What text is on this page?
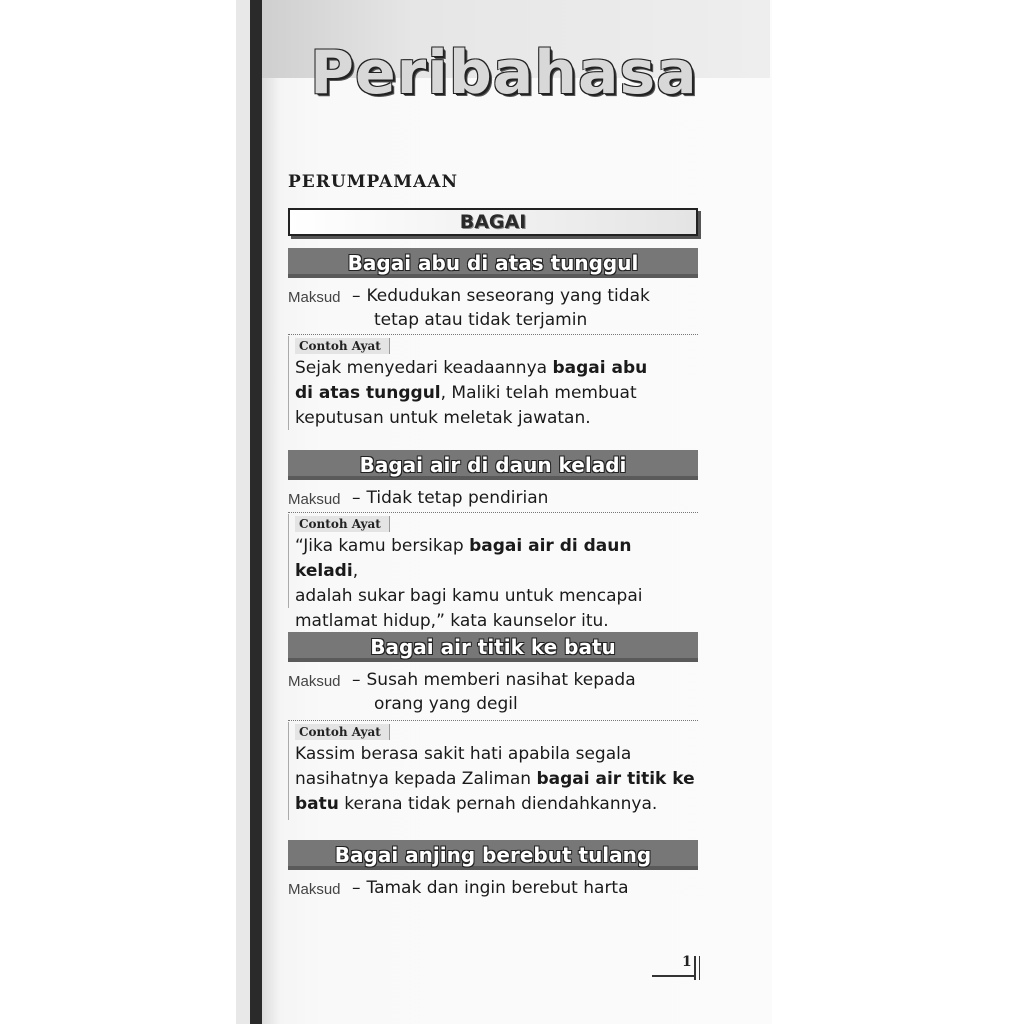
Peribahasa
PERUMPAMAAN
BAGAI
Bagai abu di atas tunggul
Maksud – Kedudukan seseorang yang tidak
tetap atau tidak terjamin
Contoh Ayat
Sejak menyedari keadaannya bagai abu
di atas tunggul, Maliki telah membuat
keputusan untuk meletak jawatan.
Bagai air di daun keladi
Maksud – Tidak tetap pendirian
Contoh Ayat
“Jika kamu bersikap bagai air di daun keladi,
adalah sukar bagi kamu untuk mencapai
matlamat hidup,” kata kaunselor itu.
Bagai air titik ke batu
Maksud – Susah memberi nasihat kepada
orang yang degil
Contoh Ayat
Kassim berasa sakit hati apabila segala
nasihatnya kepada Zaliman bagai air titik ke
batu kerana tidak pernah diendahkannya.
Bagai anjing berebut tulang
Maksud – Tamak dan ingin berebut harta
1
